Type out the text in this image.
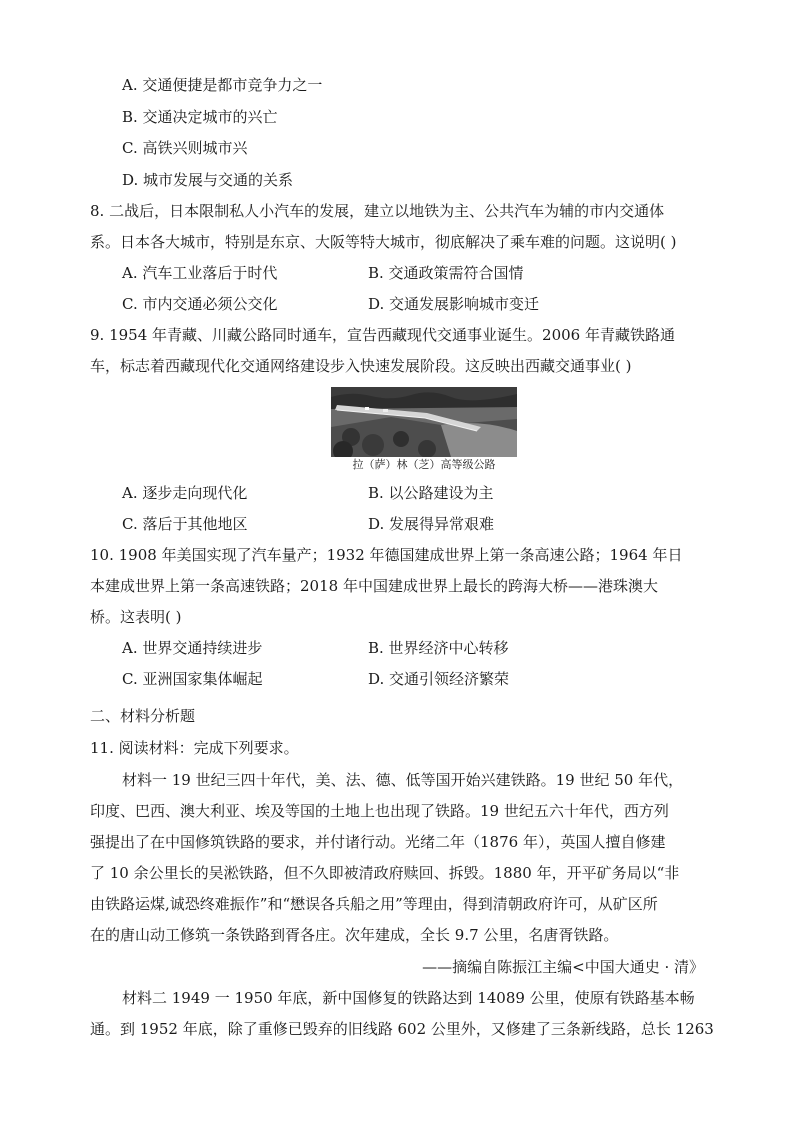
A. 交通便捷是都市竞争力之一
B. 交通决定城市的兴亡
C. 高铁兴则城市兴
D. 城市发展与交通的关系
8. 二战后，日本限制私人小汽车的发展，建立以地铁为主、公共汽车为辅的市内交通体
系。日本各大城市，特别是东京、大阪等特大城市，彻底解决了乘车难的问题。这说明( )
A. 汽车工业落后于时代	B. 交通政策需符合国情
C. 市内交通必须公交化	D. 交通发展影响城市变迁
9. 1954 年青藏、川藏公路同时通车，宣告西藏现代交通事业诞生。2006 年青藏铁路通
车，标志着西藏现代化交通网络建设步入快速发展阶段。这反映出西藏交通事业( )
拉（萨）林（芝）高等级公路
A. 逐步走向现代化	B. 以公路建设为主
C. 落后于其他地区	D. 发展得异常艰难
10. 1908 年美国实现了汽车量产；1932 年德国建成世界上第一条高速公路；1964 年日
本建成世界上第一条高速铁路；2018 年中国建成世界上最长的跨海大桥——港珠澳大
桥。这表明( )
A. 世界交通持续进步	B. 世界经济中心转移
C. 亚洲国家集体崛起	D. 交通引领经济繁荣
二、材料分析题
11. 阅读材料：完成下列要求。
材料一 19 世纪三四十年代，美、法、德、低等国开始兴建铁路。19 世纪 50 年代，
印度、巴西、澳大利亚、埃及等国的土地上也出现了铁路。19 世纪五六十年代，西方列
强提出了在中国修筑铁路的要求，并付诸行动。光绪二年（1876 年），英国人擅自修建
了 10 余公里长的吴淞铁路，但不久即被清政府赎回、拆毁。1880 年，开平矿务局以“非
由铁路运煤,诚恐终难振作”和“懋误各兵船之用”等理由，得到清朝政府许可，从矿区所
在的唐山动工修筑一条铁路到胥各庄。次年建成，全长 9.7 公里，名唐胥铁路。
——摘编自陈振江主编<中国大通史 · 清》
材料二 1949 一 1950 年底，新中国修复的铁路达到 14089 公里，使原有铁路基本畅
通。到 1952 年底，除了重修已毁弃的旧线路 602 公里外，又修建了三条新线路，总长 1263
